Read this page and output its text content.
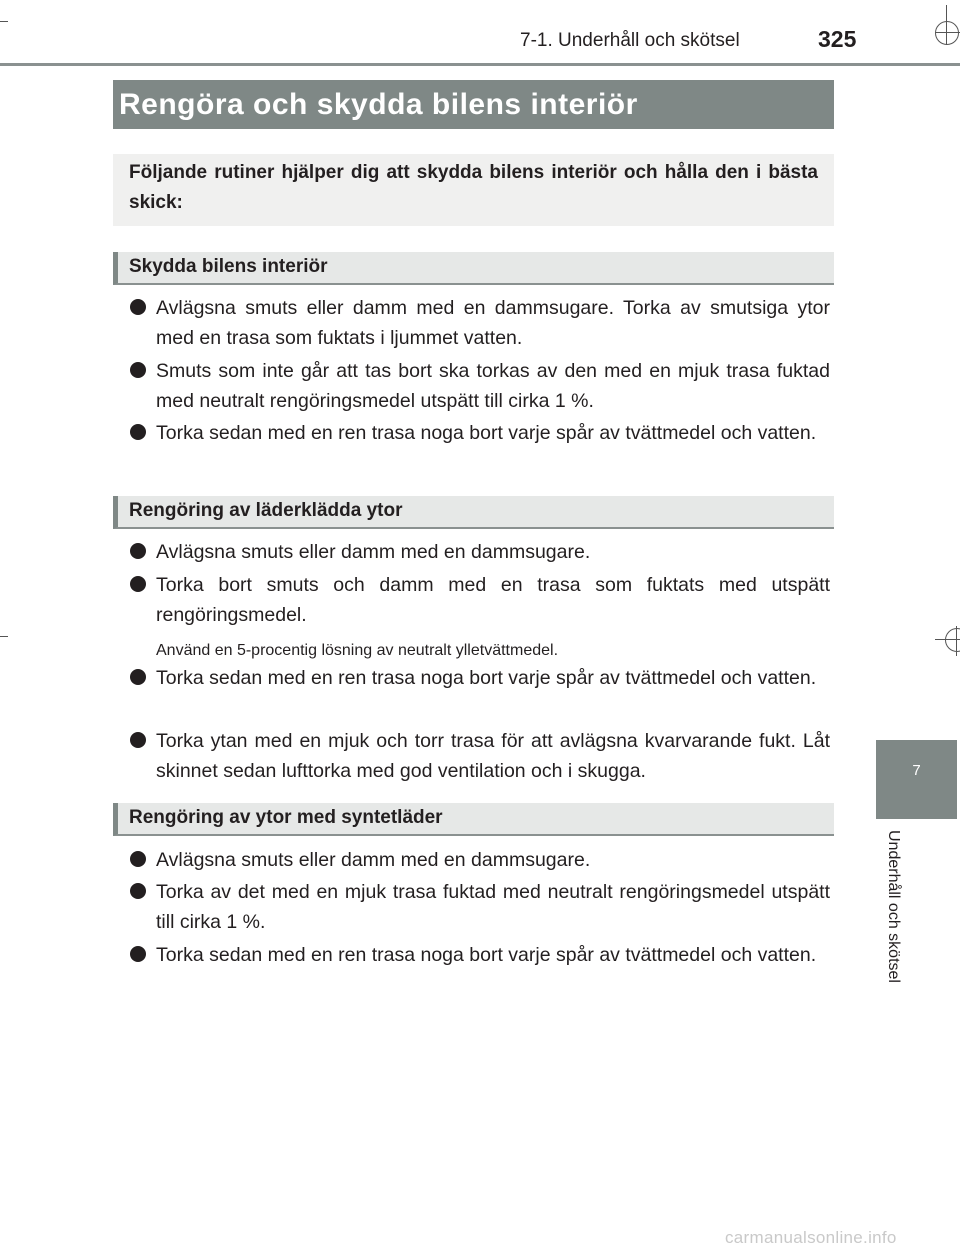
7-1. Underhåll och skötsel	325
Rengöra och skydda bilens interiör
Följande rutiner hjälper dig att skydda bilens interiör och hålla den i bästa skick:
Skydda bilens interiör
Avlägsna smuts eller damm med en dammsugare. Torka av smutsiga ytor med en trasa som fuktats i ljummet vatten.
Smuts som inte går att tas bort ska torkas av den med en mjuk trasa fuktad med neutralt rengöringsmedel utspätt till cirka 1 %.
Torka sedan med en ren trasa noga bort varje spår av tvättmedel och vatten.
Rengöring av läderklädda ytor
Avlägsna smuts eller damm med en dammsugare.
Torka bort smuts och damm med en trasa som fuktats med utspätt rengöringsmedel.
Använd en 5-procentig lösning av neutralt ylletvättmedel.
Torka sedan med en ren trasa noga bort varje spår av tvättmedel och vatten.
Torka ytan med en mjuk och torr trasa för att avlägsna kvarvarande fukt. Låt skinnet sedan lufttorka med god ventilation och i skugga.
Rengöring av ytor med syntetläder
Avlägsna smuts eller damm med en dammsugare.
Torka av det med en mjuk trasa fuktad med neutralt rengöringsmedel utspätt till cirka 1 %.
Torka sedan med en ren trasa noga bort varje spår av tvättmedel och vatten.
7
Underhåll och skötsel
carmanualsonline.info
